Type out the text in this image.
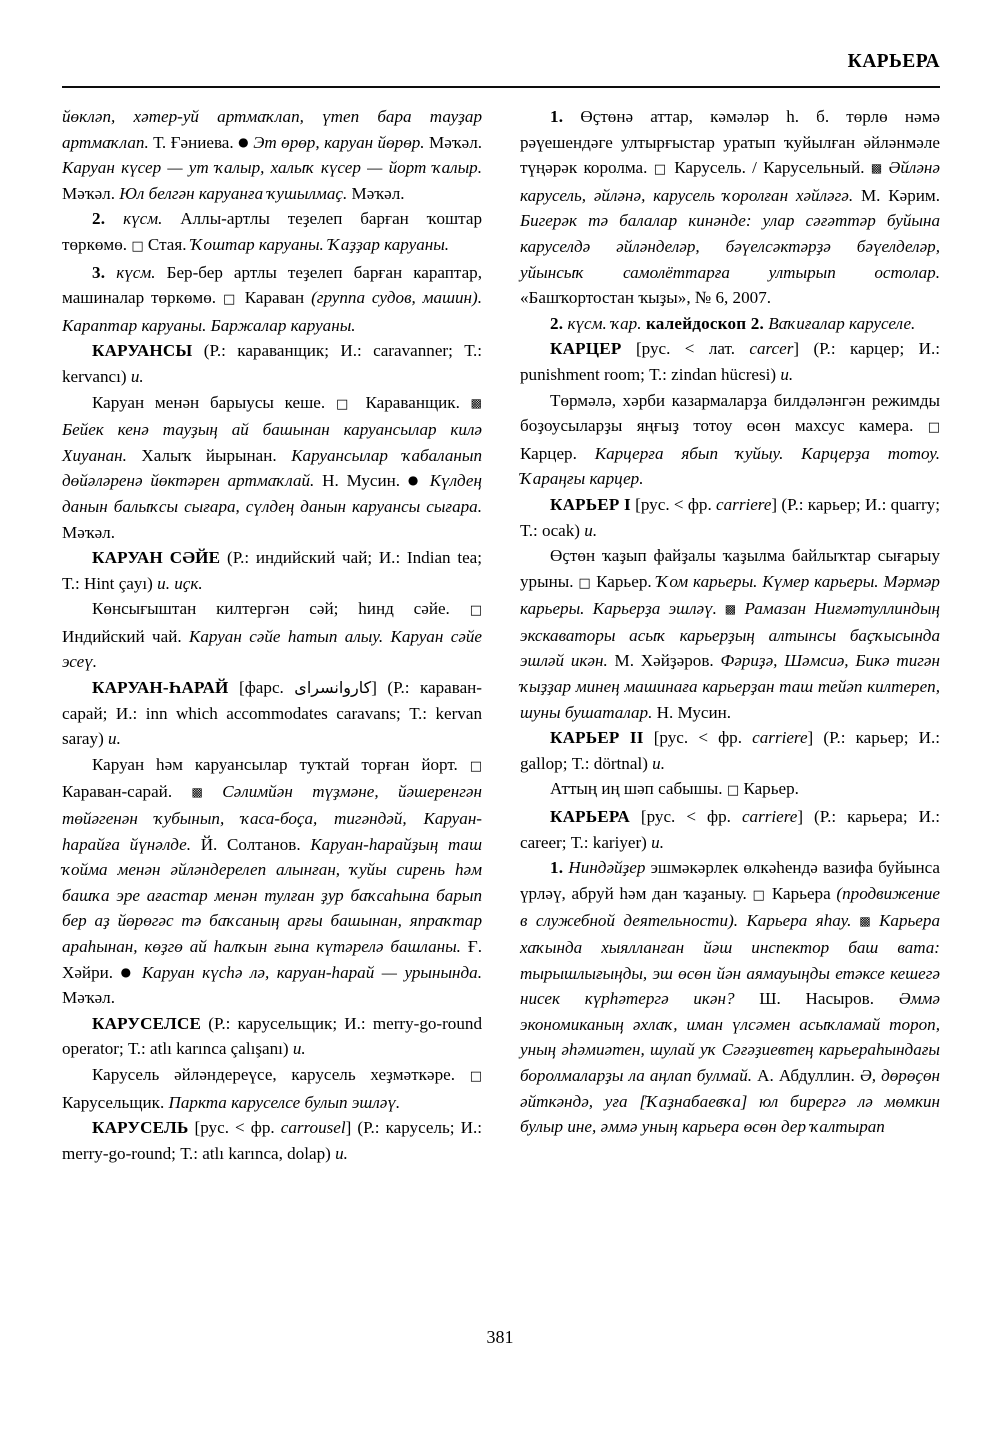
КАРЬЕРА

йөкләп, хәтер-уй артмаҡлап, үтеп бара тауҙар артмаҡлап. Т. Ғәниева. ● Эт өрөр, каруан йөрөр. Мәҡәл. Каруан күсер — ут ҡалыр, халыҡ күсер — йорт ҡалыр. Мәҡәл. Юл белгән каруанға ҡушылмаҫ. Мәҡәл.

2. күсм. Аллы-артлы теҙелеп барған ҡоштар төркөмө. □ Стая. Ҡоштар каруаны. Ҡаҙҙар каруаны.

3. күсм. Бер-бер артлы теҙелеп барған караптар, машиналар төркөмө. □ Караван (группа судов, машин). Караптар каруаны. Баржалар каруаны.

КАРУАНСЫ (Р.: караванщик; И.: caravanner; Т.: kervancı) и.

Каруан менән барыусы кеше. □ Караванщик. ▩ Бейек кенә тауҙың ай башынан каруансылар килә Хиуанан. Халыҡ йырынан. Каруансылар ҡабаланып дөйәләренә йөктәрен артмаҡлай. Н. Мусин. ● Күлдең данын балыҡсы сығара, сүлдең данын каруансы сығара. Мәҡәл.

КАРУАН СӘЙЕ (Р.: индийский чай; И.: Indian tea; Т.: Hint çayı) и. иҫк.

Көнсығыштан килтергән сәй; һинд сәйе. □ Индийский чай. Каруан сәйе һатып алыу. Каруан сәйе эсеү.

КАРУАН-ҺАРАЙ [фарс. كاروانسراى] (Р.: караван-сарай; И.: inn which accommodates caravans; Т.: kervan saray) и.

Каруан һәм каруансылар туҡтай торған йорт. □ Караван-сарай. ▩ Сәлимйән түҙмәне, йәшеренгән төйәгенән ҡубынып, ҡаса-боҫа, тигәндәй, Каруан-һарайға йүнәлде. Й. Солтанов. Каруан-һарайҙың таш ҡойма менән әйләндерелеп алынған, ҡуйы сирень һәм башҡа эре ағастар менән тулған ҙур баҡсаһына барып бер аҙ йөрөгәс тә баҡсаның арғы башынан, япраҡтар араһынан, көҙгө ай һалҡын ғына күтәрелә башланы. Ғ. Хәйри. ● Каруан күсһә лә, каруан-һарай — урынында. Мәҡәл.

КАРУСЕЛСЕ (Р.: карусельщик; И.: merry-go-round operator; Т.: atlı karınca çalışanı) и.

Карусель әйләндереүсе, карусель хеҙмәткәре. □ Карусельщик. Паркта каруселсе булып эшләү.

КАРУСЕЛЬ [рус. < фр. carrousel] (Р.: карусель; И.: merry-go-round; Т.: atlı karınca, dolap) и.

1. Өҫтөнә аттар, кәмәләр һ. б. төрлө нәмә рәүешендәге ултырғыстар уратып ҡуйылған әйләнмәле түңәрәк королма. □ Карусель. / Карусельный. ▩ Әйләнә карусель, әйләнә, карусель ҡоролған хәйләгә. М. Кәрим. Бигерәк тә балалар кинәнде: улар сәғәттәр буйына каруселдә әйләнделәр, бәүелсәктәрҙә бәүелделәр, уйынсыҡ самолёттарға ултырып остолар. «Башҡортостан ҡыҙы», № 6, 2007.

2. күсм. ҡар. калейдоскоп 2. Ваҡиғалар каруселе.

КАРЦЕР [рус. < лат. carcer] (Р.: карцер; И.: punishment room; Т.: zindan hücresi) и.

Төрмәлә, хәрби казармаларҙа билдәләнгән режимды боҙоусыларҙы яңғыҙ тотоу өсөн махсус камера. □ Карцер. Карцерға ябып ҡуйыу. Карцерҙа тотоу. Ҡараңғы карцер.

КАРЬЕР I [рус. < фр. carriere] (Р.: карьер; И.: quarry; Т.: ocak) и.

Өҫтөн ҡаҙып файҙалы ҡаҙылма байлыҡтар сығарыу урыны. □ Карьер. Ҡом карьеры. Күмер карьеры. Мәрмәр карьеры. Карьерҙа эшләү. ▩ Рамазан Ниғмәтуллиндың экскаваторы асыҡ карьерҙың алтынсы баҫҡысында эшләй икән. М. Хәйҙәров. Фәриҙә, Шәмсиә, Бикә тигән ҡыҙҙар минең машинаға карьерҙан таш тейәп килтереп, шуны бушаталар. Н. Мусин.

КАРЬЕР II [рус. < фр. carriere] (Р.: карьер; И.: gallop; Т.: dörtnal) и.

Аттың иң шәп сабышы. □ Карьер.

КАРЬЕРА [рус. < фр. carriere] (Р.: карьера; И.: career; Т.: kariyer) и.

1. Ниндәйҙер эшмәкәрлек өлкәһендә вазифа буйынса үрләү, абруй һәм дан ҡаҙаныу. □ Карьера (продвижение в служебной деятельности). Карьера яһау. ▩ Карьера хаҡында хыялланған йәш инспектор баш вата: тырышлығыңды, эш өсөн йән аямауыңды етәксе кешегә нисек күрһәтергә икән? Ш. Насыров. Әммә экономиканың әхлаҡ, иман үлсәмен асыҡламай тороп, уның әһәмиәтен, шулай уҡ Сәғәҙиевтең карьераһындағы боролмаларҙы ла аңлап булмай. А. Абдуллин. Ә, дөрөҫөн әйткәндә, уға [Ҡаҙнабаевҡа] юл бирергә лә мөмкин булыр ине, әммә уның карьера өсөн дер ҡалтырап

381
